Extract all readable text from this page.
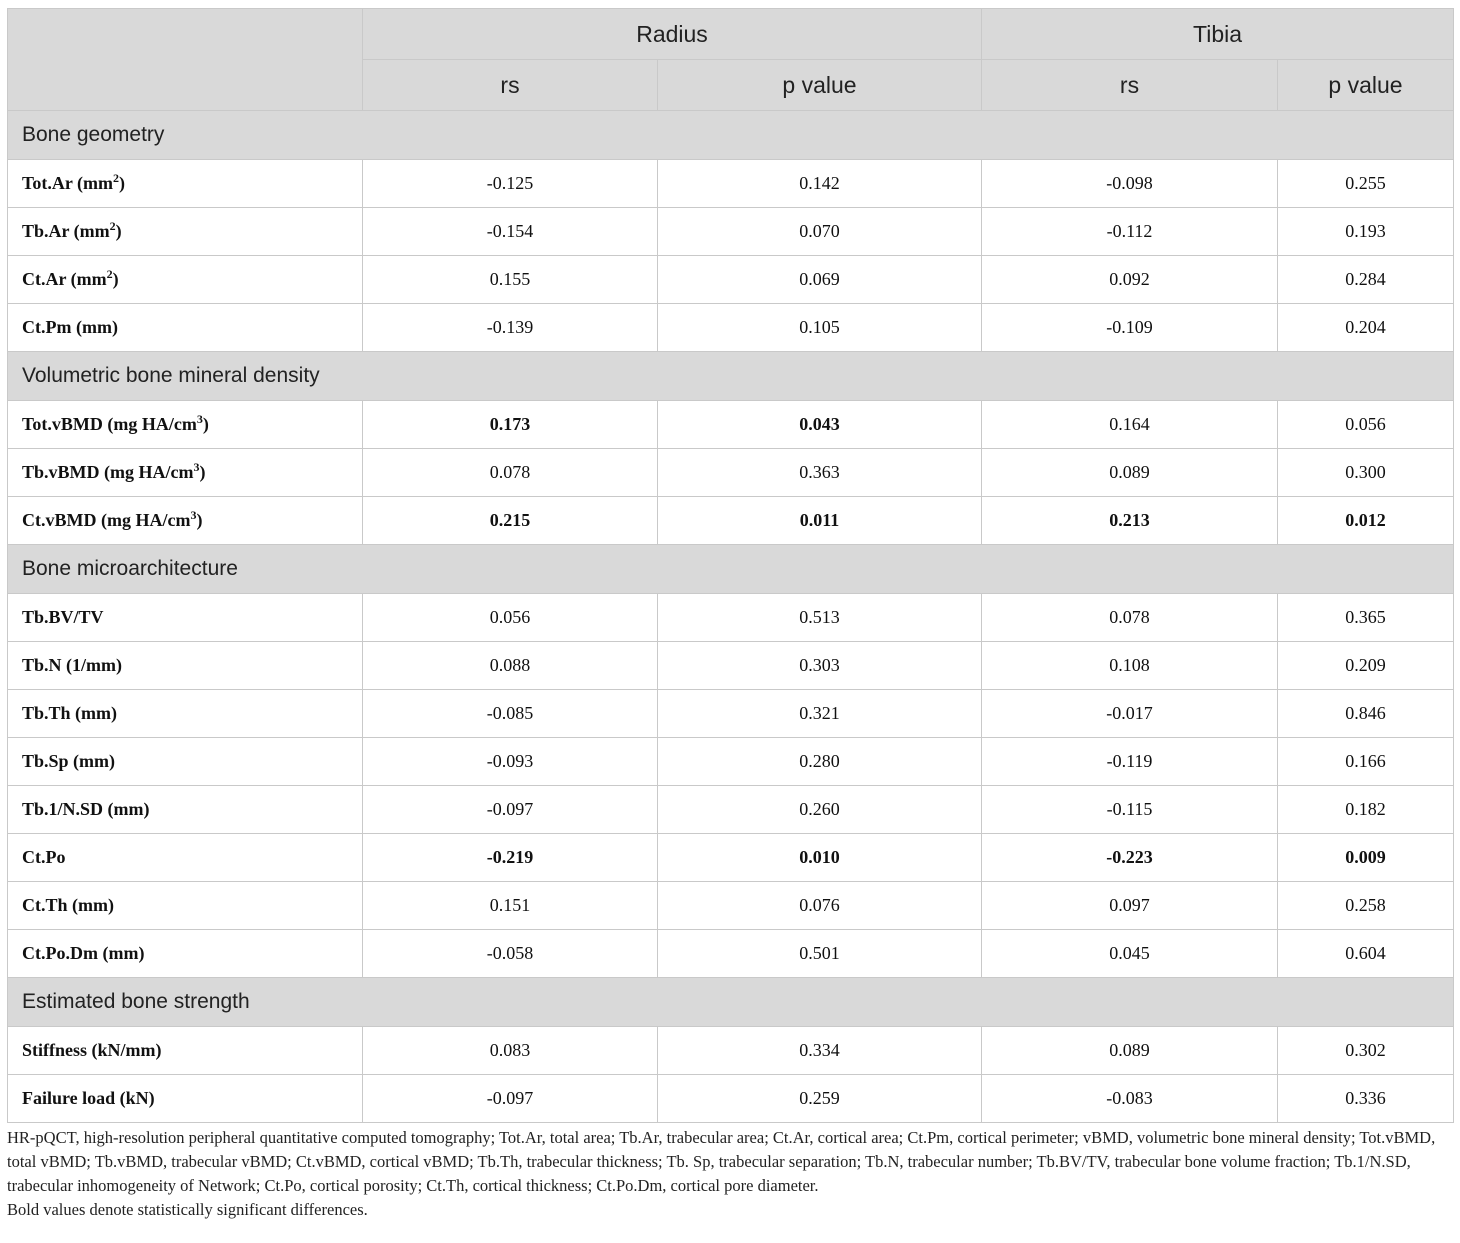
	Radius		Tibia	
	rs	p value	rs	p value
Bone geometry				
Tot.Ar $(mm^2)$	-0.125	0.142	-0.098	0.255
Tb.Ar $(mm^2)$	-0.154	0.070	-0.112	0.193
Ct.Ar $(mm^2)$	0.155	0.069	0.092	0.284
Ct.Pm (mm)	-0.139	0.105	-0.109	0.204
Volumetric bone mineral density				
Tot.vBMD (mg $HA/cm^3$)	0.173	0.043	0.164	0.056
Tb.vBMD (mg $HA/cm^3$)	0.078	0.363	0.089	0.300
Ct.vBMD (mg $HA/cm^3$)	0.215	0.011	0.213	0.012
Bone microarchitecture				
Tb.BV/TV	0.056	0.513	0.078	0.365
Tb.N (1/mm)	0.088	0.303	0.108	0.209
Tb.Th (mm)	-0.085	0.321	-0.017	0.846
Tb.Sp (mm)	-0.093	0.280	-0.119	0.166
Tb.1/N.SD (mm)	-0.097	0.260	-0.115	0.182
Ct.Po	-0.219	0.010	-0.223	0.009
Ct.Th (mm)	0.151	0.076	0.097	0.258
Ct.Po.Dm (mm)	-0.058	0.501	0.045	0.604
Estimated bone strength				
Stiffness (kN/mm)	0.083	0.334	0.089	0.302
Failure load (kN)	-0.097	0.259	-0.083	0.336
HR-pQCT, high-resolution peripheral quantitative computed tomography; Tot.Ar, total area; Tb.Ar, trabecular area; Ct.Ar, cortical area; Ct.Pm, cortical perimeter; vBMD, volumetric bone mineral density; Tot.vBMD, total vBMD; Tb.vBMD, trabecular vBMD; Ct.vBMD, cortical vBMD; Tb.Th, trabecular thickness; Tb. Sp, trabecular separation; Tb.N, trabecular number; Tb.BV/TV, trabecular bone volume fraction; Tb.1/N.SD, trabecular inhomogeneity of Network; Ct.Po, cortical porosity; Ct.Th, cortical thickness; Ct.Po.Dm, cortical pore diameter.
Bold values denote statistically significant differences.
